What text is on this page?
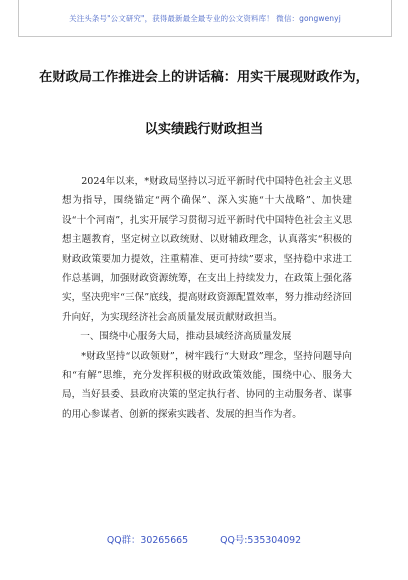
关注头条号"公文研究"，获得最新最全最专业的公文资料库！ 微信：gongwenyj
在财政局工作推进会上的讲话稿：用实干展现财政作为，
以实绩践行财政担当

2024年以来，*财政局坚持以习近平新时代中国特色社会主义思想为指导，围绕锚定“两个确保”、深入实施“十大战略”、加快建设“十个河南”，扎实开展学习贯彻习近平新时代中国特色社会主义思想主题教育，坚定树立以政统财、以财辅政理念，认真落实“积极的财政政策要加力提效，注重精准、更可持续”要求，坚持稳中求进工作总基调，加强财政资源统筹，在支出上持续发力，在政策上强化落实，坚决兜牢“三保”底线，提高财政资源配置效率，努力推动经济回升向好，为实现经济社会高质量发展贡献财政担当。

一、围绕中心服务大局，推动县域经济高质量发展

*财政坚持“以政领财”，树牢践行“大财政”理念，坚持问题导向和“有解”思维，充分发挥积极的财政政策效能，围绕中心、服务大局，当好县委、县政府决策的坚定执行者、协同的主动服务者、谋事的用心参谋者、创新的探索实践者、发展的担当作为者。

QQ群：30265665	QQ号:535304092
